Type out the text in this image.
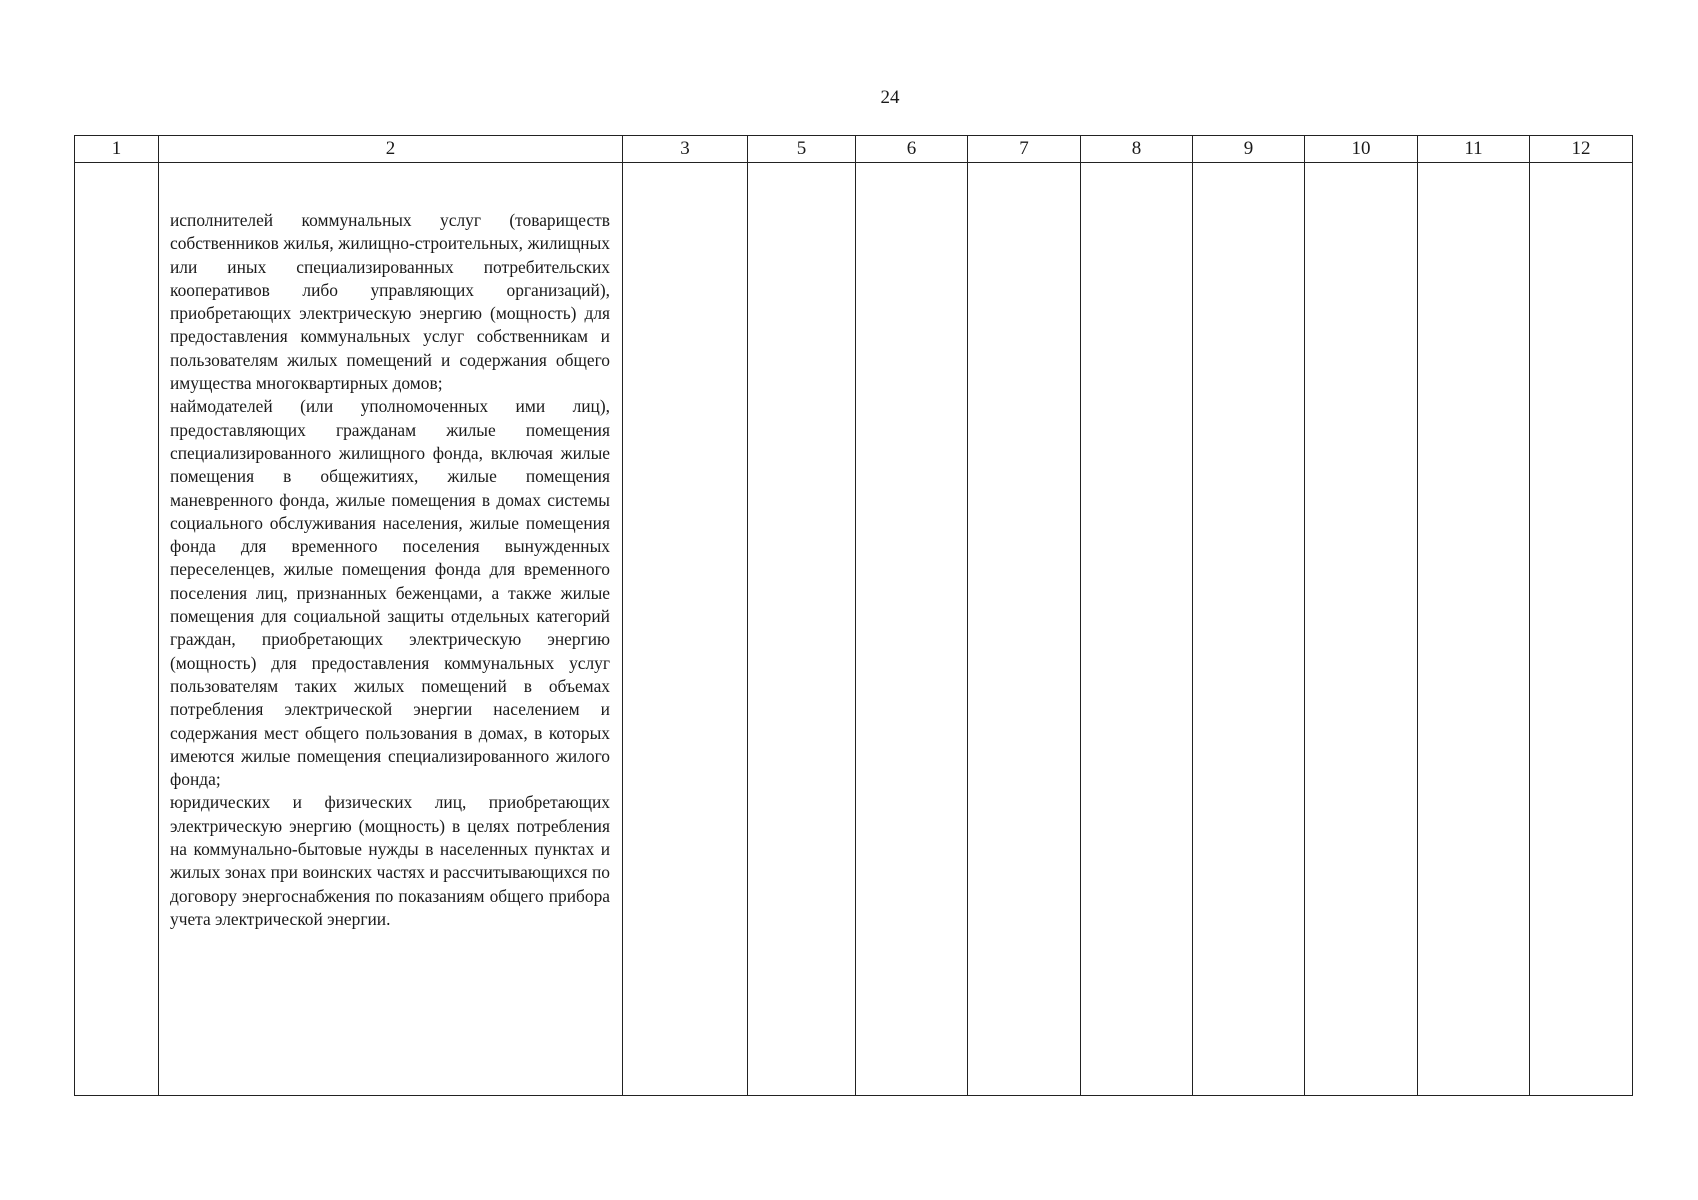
24
1	2	3	5	6	7	8	9	10	11	12

	исполнителей коммунальных услуг (товариществ собственников жилья, жилищно-строительных, жилищных или иных специализированных потребительских кооперативов либо управляющих организаций), приобретающих электрическую энергию (мощность) для предоставления коммунальных услуг собственникам и пользователям жилых помещений и содержания общего имущества многоквартирных домов;

наймодателей (или уполномоченных ими лиц), предоставляющих гражданам жилые помещения специализированного жилищного фонда, включая жилые помещения в общежитиях, жилые помещения маневренного фонда, жилые помещения в домах системы социального обслуживания населения, жилые помещения фонда для временного поселения вынужденных переселенцев, жилые помещения фонда для временного поселения лиц, признанных беженцами, а также жилые помещения для социальной защиты отдельных категорий граждан, приобретающих электрическую энергию (мощность) для предоставления коммунальных услуг пользователям таких жилых помещений в объемах потребления электрической энергии населением и содержания мест общего пользования в домах, в которых имеются жилые помещения специализированного жилого фонда;

юридических и физических лиц, приобретающих электрическую энергию (мощность) в целях потребления на коммунально-бытовые нужды в населенных пунктах и жилых зонах при воинских частях и рассчитывающихся по договору энергоснабжения по показаниям общего прибора учета электрической энергии.									
